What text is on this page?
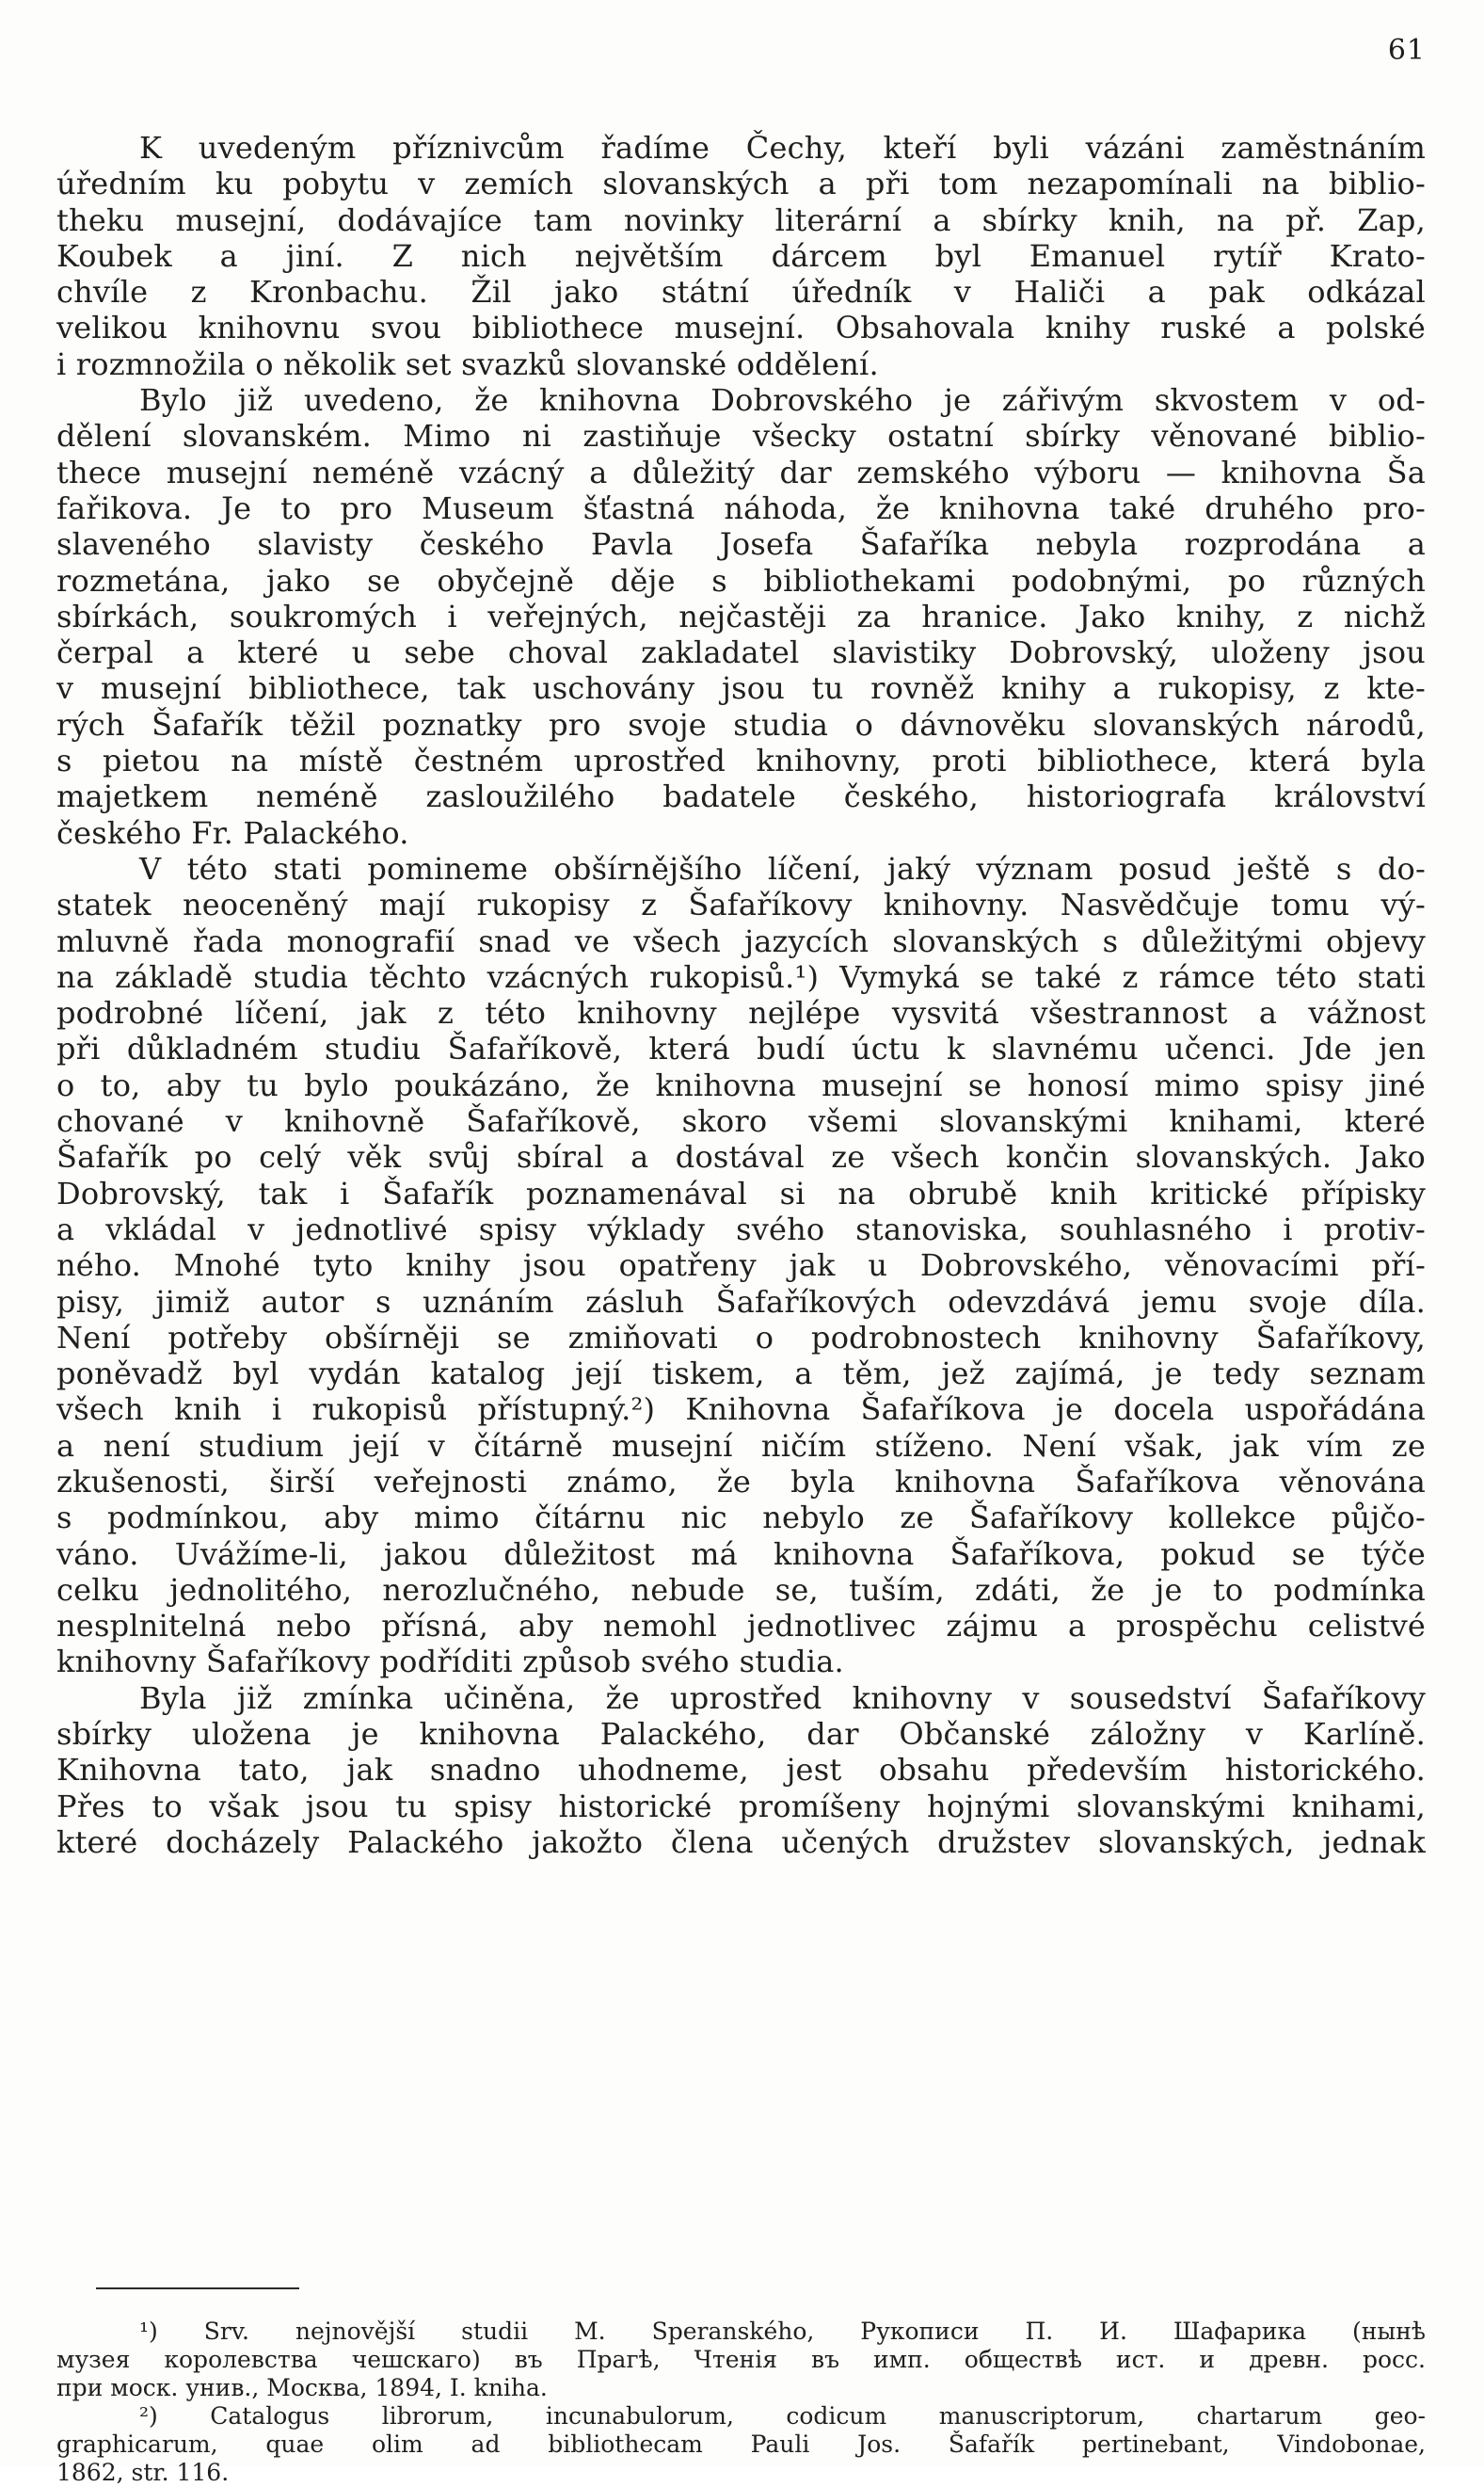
61
K uvedeným příznivcům řadíme Čechy, kteří byli vázáni zaměstnáním
úředním ku pobytu v zemích slovanských a při tom nezapomínali na biblio-
theku musejní, dodávajíce tam novinky literární a sbírky knih, na př. Zap,
Koubek a jiní. Z nich největším dárcem byl Emanuel rytíř Krato-
chvíle z Kronbachu. Žil jako státní úředník v Haliči a pak odkázal
velikou knihovnu svou bibliothece musejní. Obsahovala knihy ruské a polské
i rozmnožila o několik set svazků slovanské oddělení.
Bylo již uvedeno, že knihovna Dobrovského je zářivým skvostem v od-
dělení slovanském. Mimo ni zastiňuje všecky ostatní sbírky věnované biblio-
thece musejní neméně vzácný a důležitý dar zemského výboru — knihovna Ša
fařikova. Je to pro Museum šťastná náhoda, že knihovna také druhého pro-
slaveného slavisty českého Pavla Josefa Šafaříka nebyla rozprodána a
rozmetána, jako se obyčejně děje s bibliothekami podobnými, po různých
sbírkách, soukromých i veřejných, nejčastěji za hranice. Jako knihy, z nichž
čerpal a které u sebe choval zakladatel slavistiky Dobrovský, uloženy jsou
v musejní bibliothece, tak uschovány jsou tu rovněž knihy a rukopisy, z kte-
rých Šafařík těžil poznatky pro svoje studia o dávnověku slovanských národů,
s pietou na místě čestném uprostřed knihovny, proti bibliothece, která byla
majetkem neméně zasloužilého badatele českého, historiografa království
českého Fr. Palackého.
V této stati pomineme obšírnějšího líčení, jaký význam posud ještě s do-
statek neoceněný mají rukopisy z Šafaříkovy knihovny. Nasvědčuje tomu vý-
mluvně řada monografií snad ve všech jazycích slovanských s důležitými objevy
na základě studia těchto vzácných rukopisů.¹) Vymyká se také z rámce této stati
podrobné líčení, jak z této knihovny nejlépe vysvitá všestrannost a vážnost
při důkladném studiu Šafaříkově, která budí úctu k slavnému učenci. Jde jen
o to, aby tu bylo poukázáno, že knihovna musejní se honosí mimo spisy jiné
chované v knihovně Šafaříkově, skoro všemi slovanskými knihami, které
Šafařík po celý věk svůj sbíral a dostával ze všech končin slovanských. Jako
Dobrovský, tak i Šafařík poznamenával si na obrubě knih kritické přípisky
a vkládal v jednotlivé spisy výklady svého stanoviska, souhlasného i protiv-
ného. Mnohé tyto knihy jsou opatřeny jak u Dobrovského, věnovacími pří-
pisy, jimiž autor s uznáním zásluh Šafaříkových odevzdává jemu svoje díla.
Není potřeby obšírněji se zmiňovati o podrobnostech knihovny Šafaříkovy,
poněvadž byl vydán katalog její tiskem, a těm, jež zajímá, je tedy seznam
všech knih i rukopisů přístupný.²) Knihovna Šafaříkova je docela uspořádána
a není studium její v čítárně musejní ničím stíženo. Není však, jak vím ze
zkušenosti, širší veřejnosti známo, že byla knihovna Šafaříkova věnována
s podmínkou, aby mimo čítárnu nic nebylo ze Šafaříkovy kollekce půjčo-
váno. Uvážíme-li, jakou důležitost má knihovna Šafaříkova, pokud se týče
celku jednolitého, nerozlučného, nebude se, tuším, zdáti, že je to podmínka
nesplnitelná nebo přísná, aby nemohl jednotlivec zájmu a prospěchu celistvé
knihovny Šafaříkovy podříditi způsob svého studia.
Byla již zmínka učiněna, že uprostřed knihovny v sousedství Šafaříkovy
sbírky uložena je knihovna Palackého, dar Občanské záložny v Karlíně.
Knihovna tato, jak snadno uhodneme, jest obsahu především historického.
Přes to však jsou tu spisy historické promíšeny hojnými slovanskými knihami,
které docházely Palackého jakožto člena učených družstev slovanských, jednak
¹) Srv. nejnovější studii M. Speranského, Рукописи П. И. Шафарика (нынѣ
музея королевства чешскаго) въ Прагѣ, Чтенія въ имп. обществѣ ист. и древн. росс.
при моск. унив., Москва, 1894, I. kniha.
²) Catalogus librorum, incunabulorum, codicum manuscriptorum, chartarum geo-
graphicarum, quae olim ad bibliothecam Pauli Jos. Šafařík pertinebant, Vindobonae,
1862, str. 116.
